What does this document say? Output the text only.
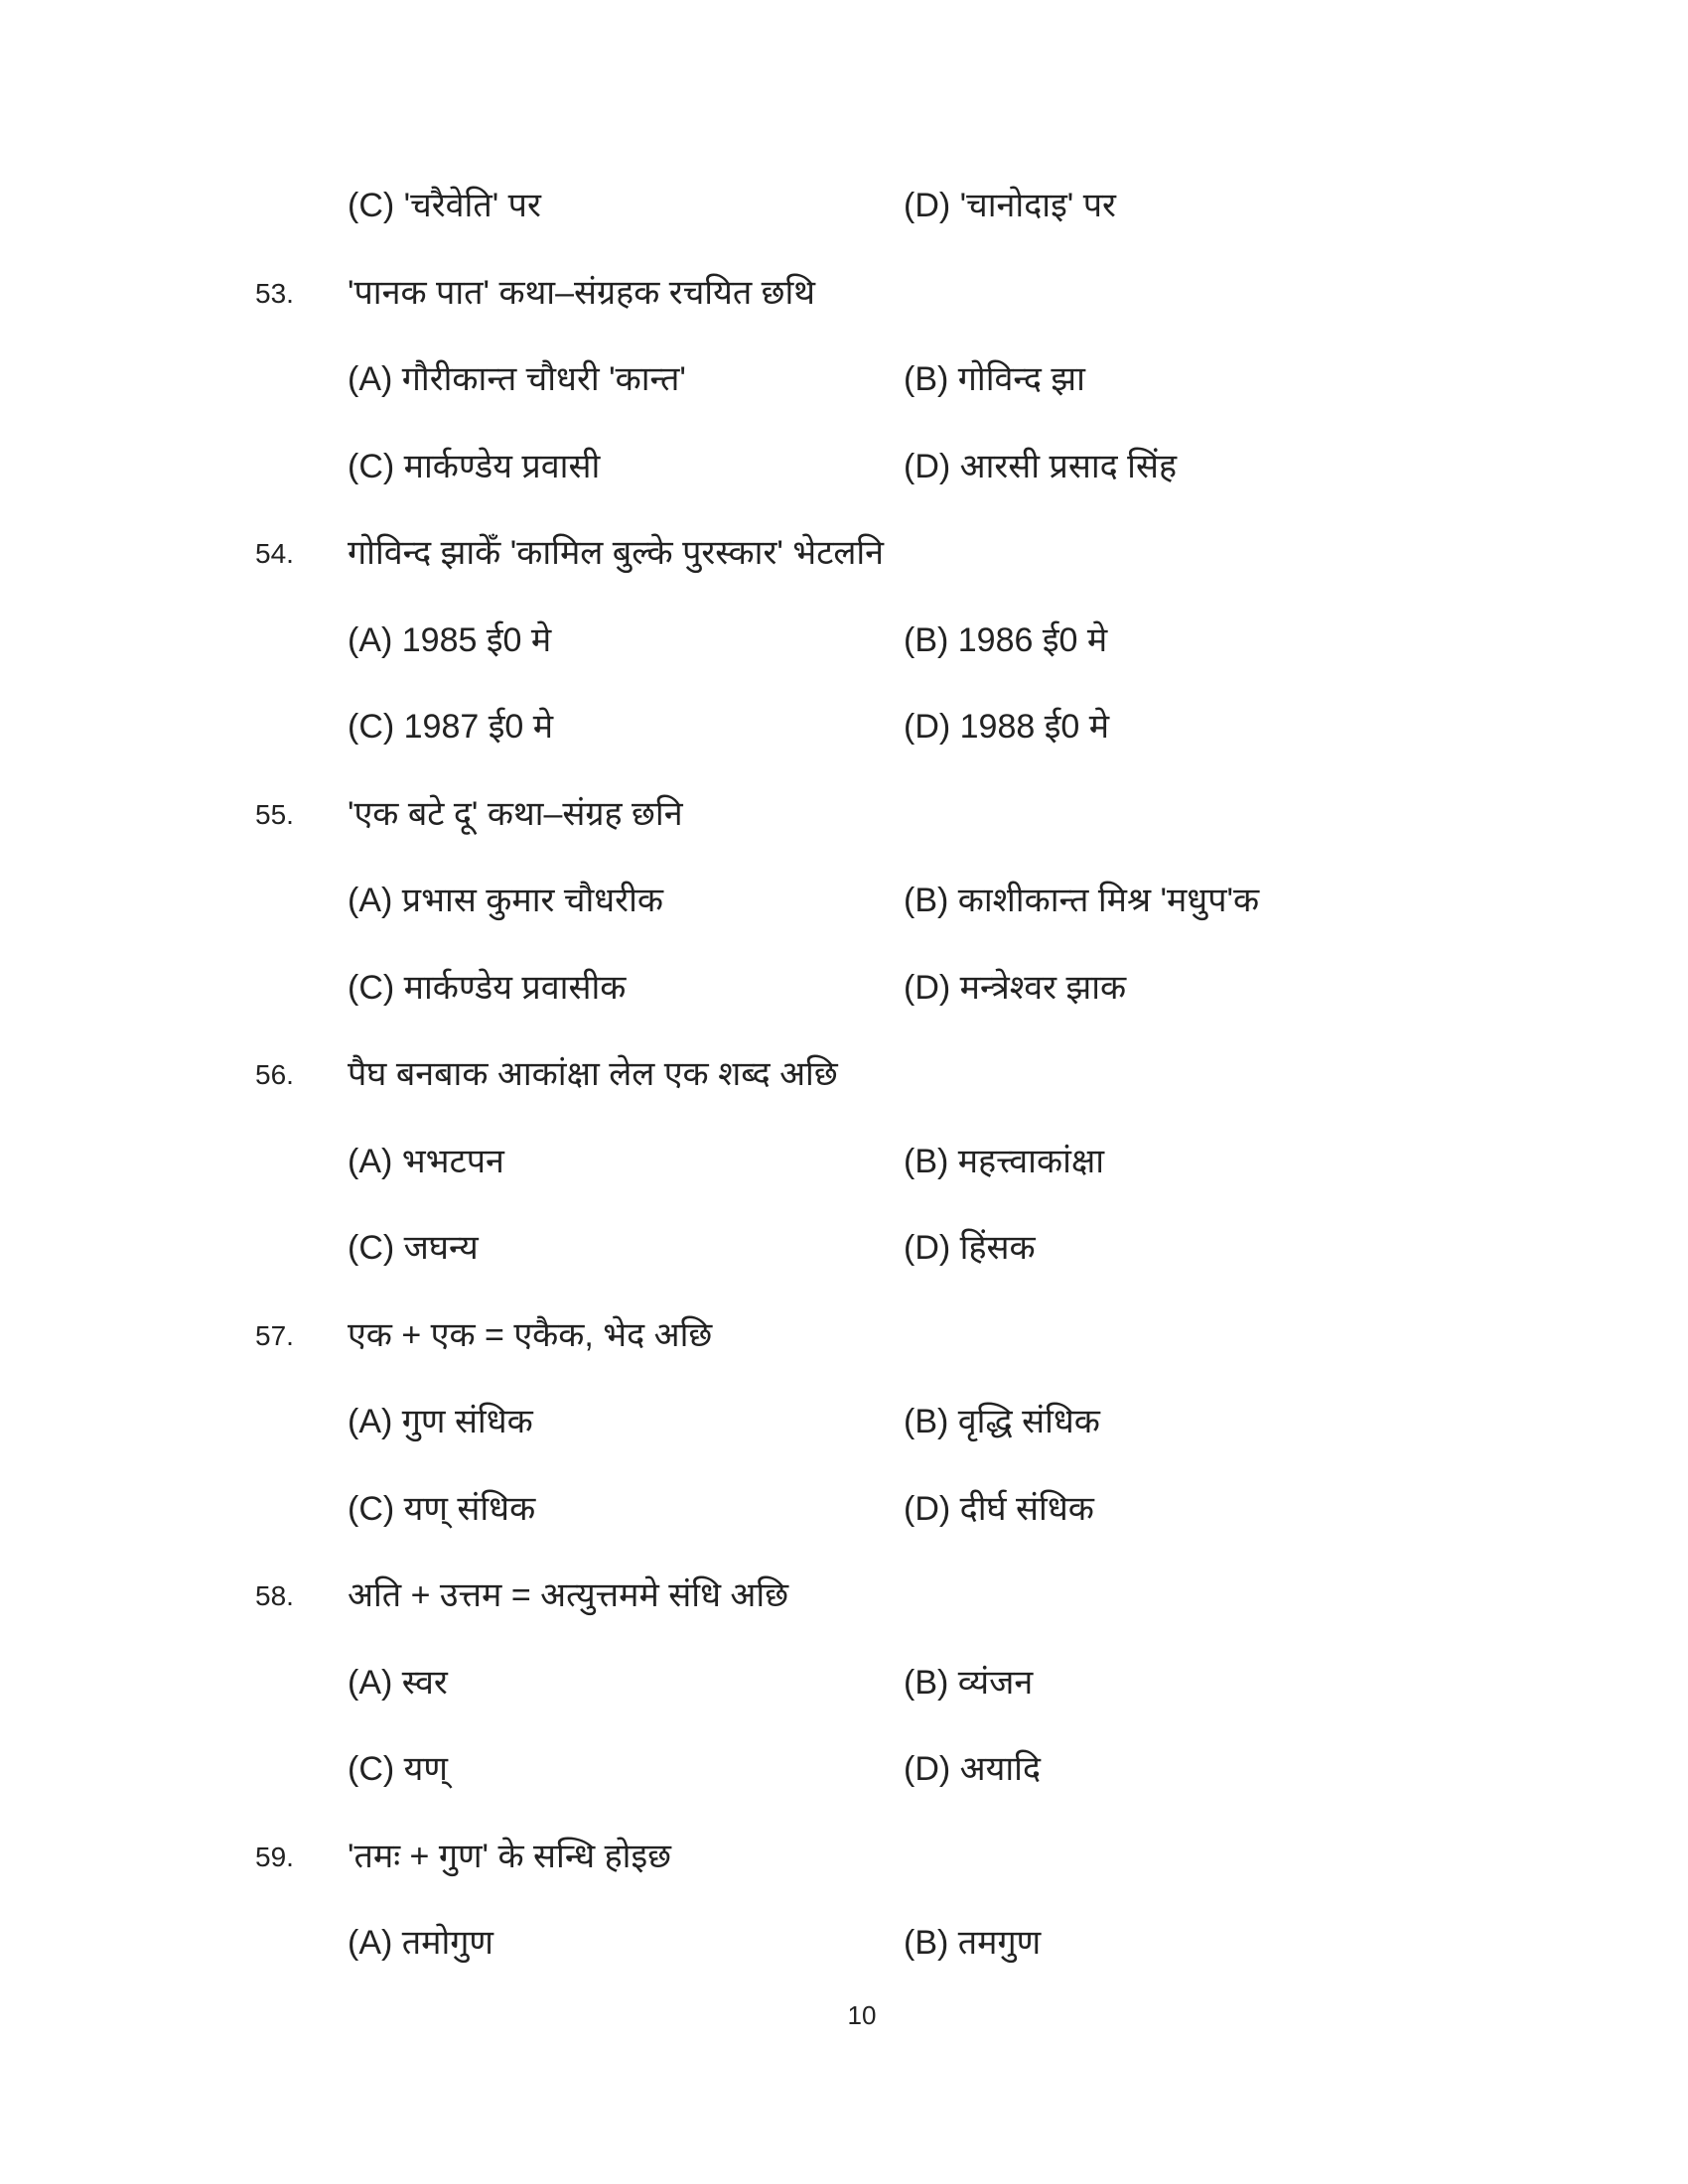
(C) 'चरैवेति' पर	(D) 'चानोदाइ' पर
53. 'पानक पात' कथा–संग्रहक रचयित छथि
(A) गौरीकान्त चौधरी 'कान्त'	(B) गोविन्द झा
(C) मार्कण्डेय प्रवासी	(D) आरसी प्रसाद सिंह
54. गोविन्द झाकेँ 'कामिल बुल्के पुरस्कार' भेटलनि
(A) 1985 ई0 मे	(B) 1986 ई0 मे
(C) 1987 ई0 मे	(D) 1988 ई0 मे
55. 'एक बटे दू' कथा–संग्रह छनि
(A) प्रभास कुमार चौधरीक	(B) काशीकान्त मिश्र 'मधुप'क
(C) मार्कण्डेय प्रवासीक	(D) मन्त्रेश्वर झाक
56. पैघ बनबाक आकांक्षा लेल एक शब्द अछि
(A) भभटपन	(B) महत्त्वाकांक्षा
(C) जघन्य	(D) हिंसक
57. एक + एक = एकैक, भेद अछि
(A) गुण संधिक	(B) वृद्धि संधिक
(C) यण् संधिक	(D) दीर्घ संधिक
58. अति + उत्तम = अत्युत्तममे संधि अछि
(A) स्वर	(B) व्यंजन
(C) यण्	(D) अयादि
59. 'तमः + गुण' के सन्धि होइछ
(A) तमोगुण	(B) तमगुण
10
